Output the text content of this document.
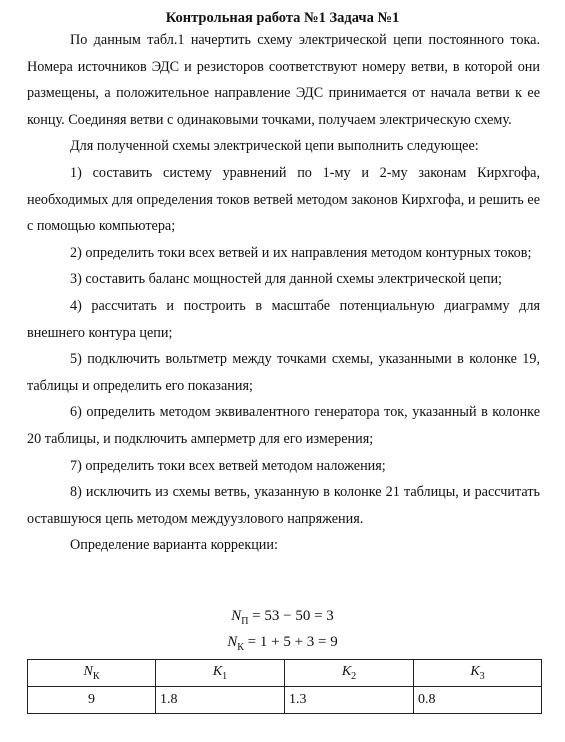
Контрольная работа №1 Задача №1

По данным табл.1 начертить схему электрической цепи постоянного тока. Номера источников ЭДС и резисторов соответствуют номеру ветви, в которой они размещены, а положительное направление ЭДС принимается от начала ветви к ее концу. Соединяя ветви с одинаковыми точками, получаем электрическую схему.

Для полученной схемы электрической цепи выполнить следующее:

1) составить систему уравнений по 1-му и 2-му законам Кирхгофа, необходимых для определения токов ветвей методом законов Кирхгофа, и решить ее с помощью компьютера;

2) определить токи всех ветвей и их направления методом контурных токов;

3) составить баланс мощностей для данной схемы электрической цепи;

4) рассчитать и построить в масштабе потенциальную диаграмму для внешнего контура цепи;

5) подключить вольтметр между точками схемы, указанными в колонке 19, таблицы и определить его показания;

6) определить методом эквивалентного генератора ток, указанный в колонке 20 таблицы, и подключить амперметр для его измерения;

7) определить токи всех ветвей методом наложения;

8) исключить из схемы ветвь, указанную в колонке 21 таблицы, и рассчитать оставшуюся цепь методом междуузлового напряжения.

Определение варианта коррекции:

$N_П = 53 - 50 = 3$
$N_К = 1 + 5 + 3 = 9$
$N_К$	$K_1$	$K_2$	$K_3$
9	1.8	1.3	0.8
